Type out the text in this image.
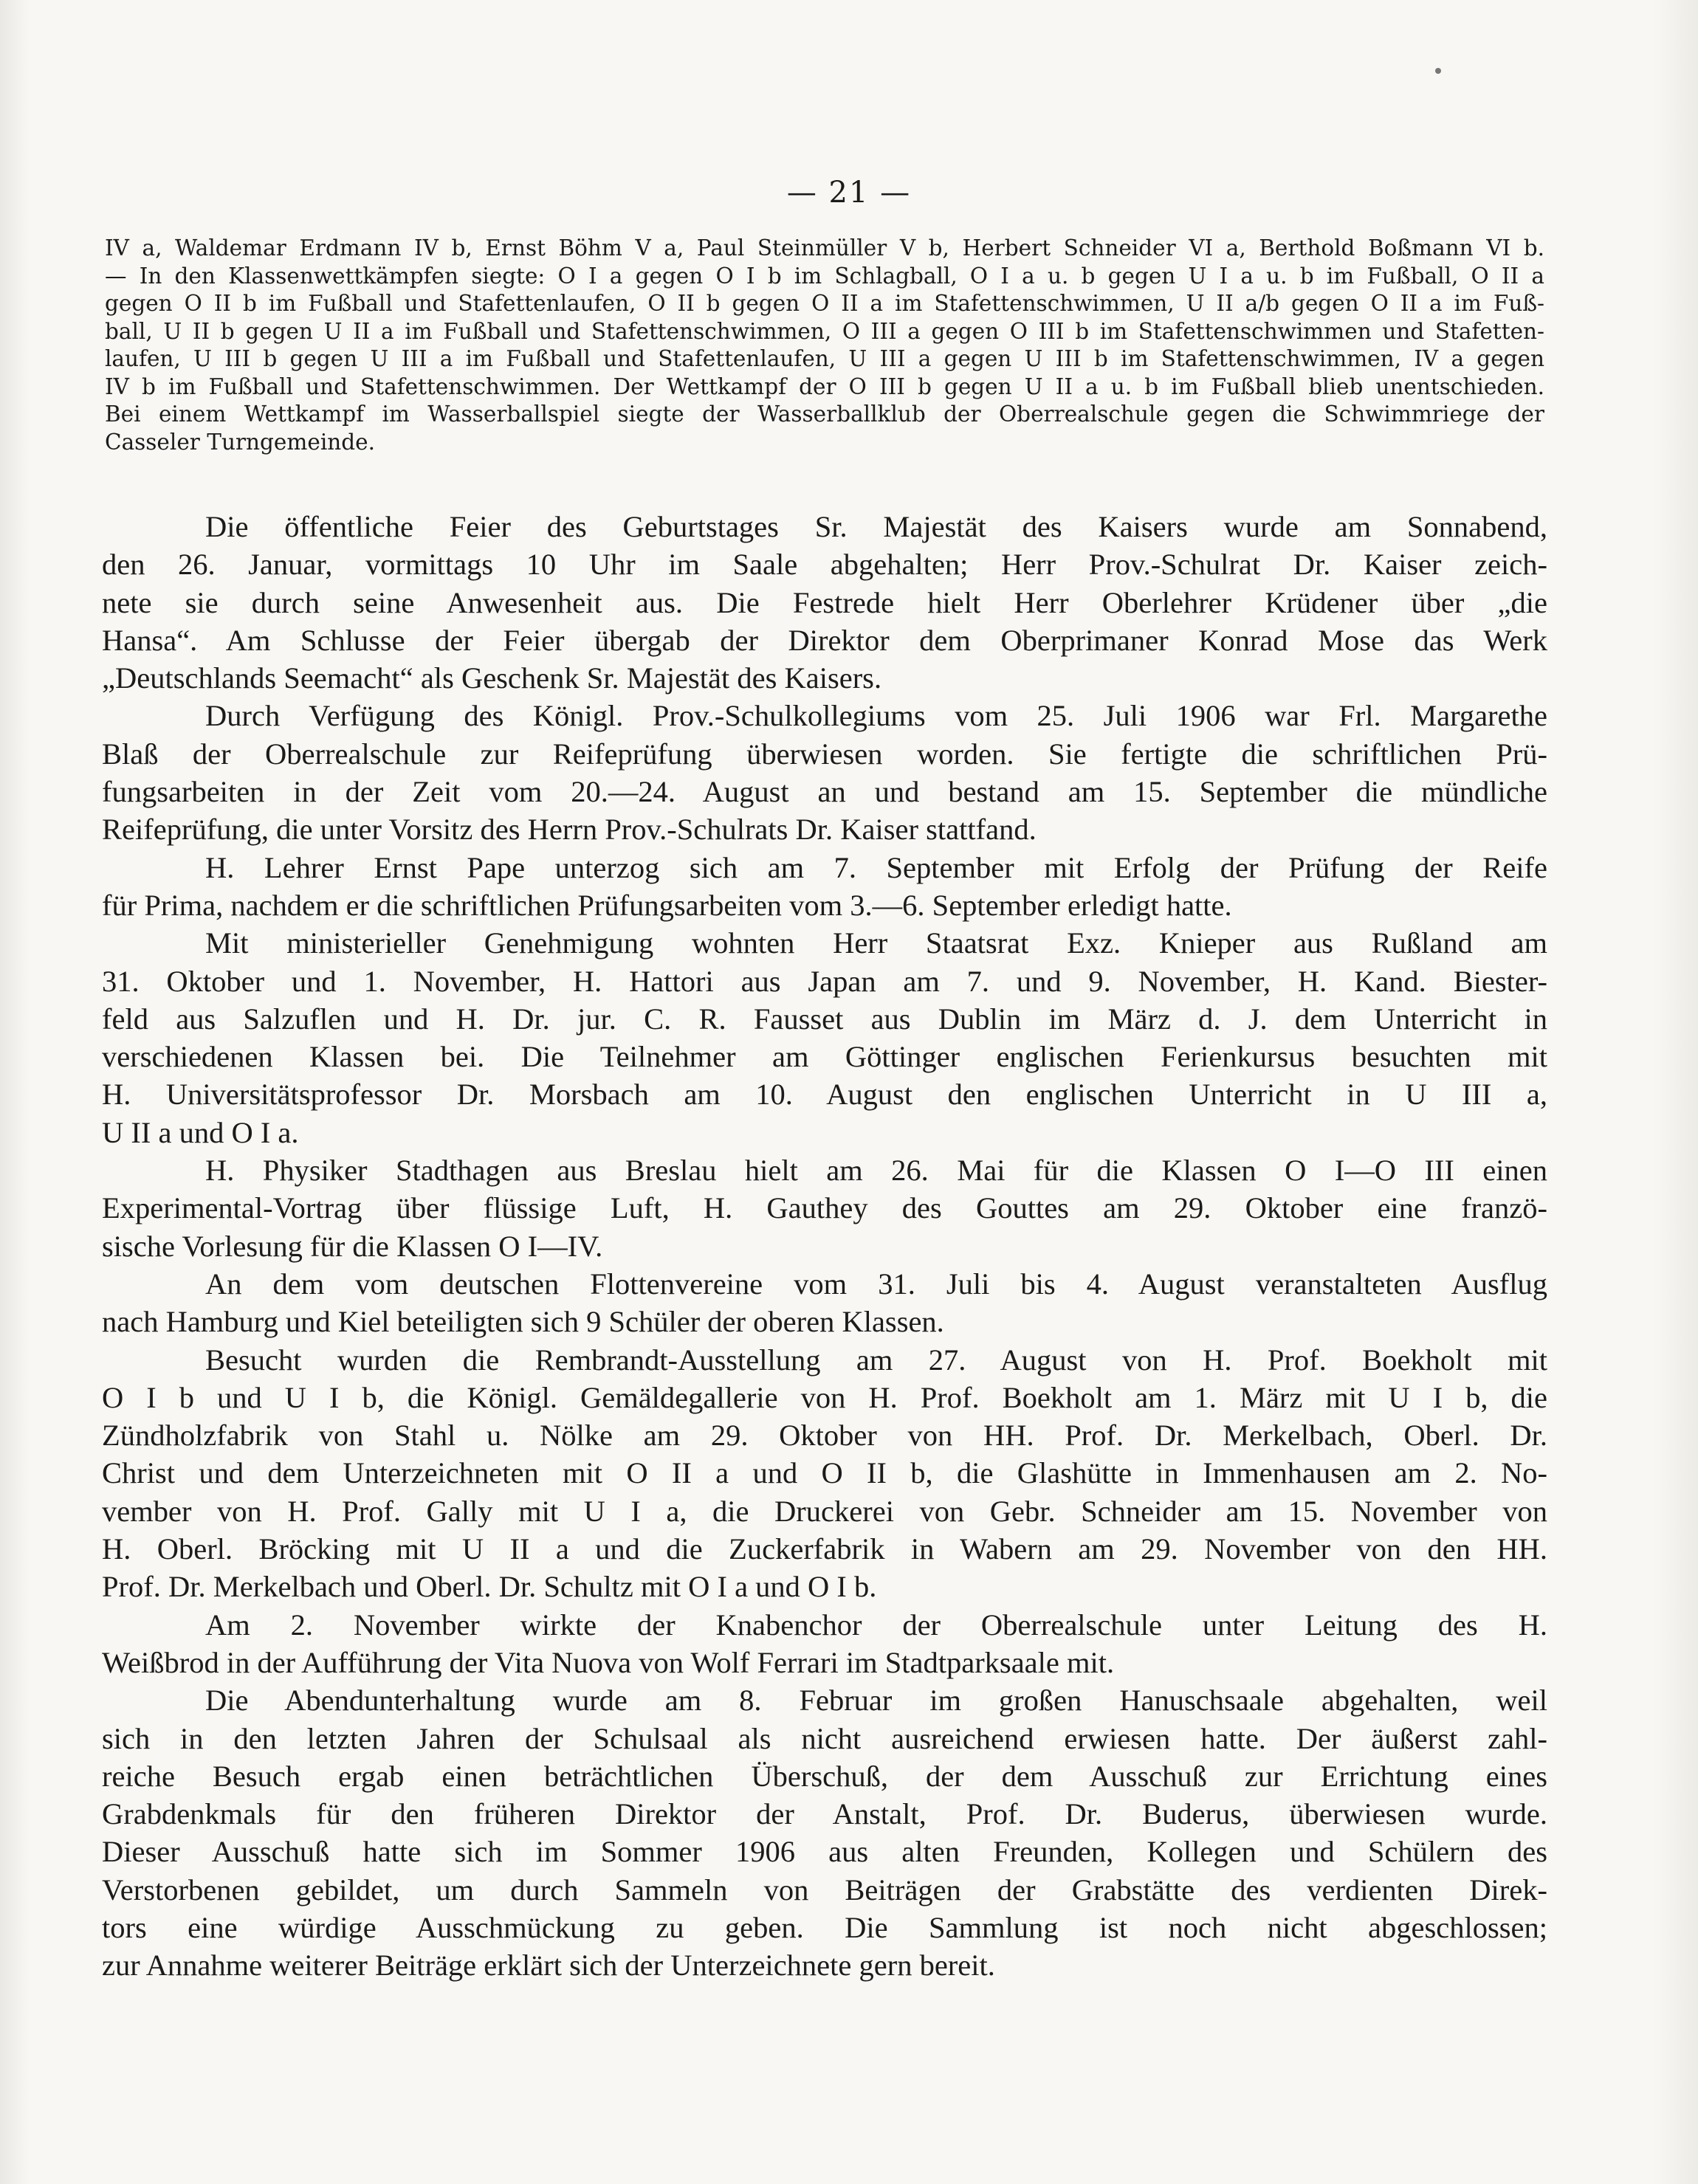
— 21 —
IV a, Waldemar Erdmann IV b, Ernst Böhm V a, Paul Steinmüller V b, Herbert Schneider VI a, Berthold Boßmann VI b.
— In den Klassenwettkämpfen siegte: O I a gegen O I b im Schlagball, O I a u. b gegen U I a u. b im Fußball, O II a
gegen O II b im Fußball und Stafettenlaufen, O II b gegen O II a im Stafettenschwimmen, U II a/b gegen O II a im Fuß-
ball, U II b gegen U II a im Fußball und Stafettenschwimmen, O III a gegen O III b im Stafettenschwimmen und Stafetten-
laufen, U III b gegen U III a im Fußball und Stafettenlaufen, U III a gegen U III b im Stafettenschwimmen, IV a gegen
IV b im Fußball und Stafettenschwimmen. Der Wettkampf der O III b gegen U II a u. b im Fußball blieb unentschieden.
Bei einem Wettkampf im Wasserballspiel siegte der Wasserballklub der Oberrealschule gegen die Schwimmriege der
Casseler Turngemeinde.
Die öffentliche Feier des Geburtstages Sr. Majestät des Kaisers wurde am Sonnabend,
den 26. Januar, vormittags 10 Uhr im Saale abgehalten; Herr Prov.-Schulrat Dr. Kaiser zeich-
nete sie durch seine Anwesenheit aus. Die Festrede hielt Herr Oberlehrer Krüdener über „die
Hansa“. Am Schlusse der Feier übergab der Direktor dem Oberprimaner Konrad Mose das Werk
„Deutschlands Seemacht“ als Geschenk Sr. Majestät des Kaisers.
Durch Verfügung des Königl. Prov.-Schulkollegiums vom 25. Juli 1906 war Frl. Margarethe
Blaß der Oberrealschule zur Reifeprüfung überwiesen worden. Sie fertigte die schriftlichen Prü-
fungsarbeiten in der Zeit vom 20.—24. August an und bestand am 15. September die mündliche
Reifeprüfung, die unter Vorsitz des Herrn Prov.-Schulrats Dr. Kaiser stattfand.
H. Lehrer Ernst Pape unterzog sich am 7. September mit Erfolg der Prüfung der Reife
für Prima, nachdem er die schriftlichen Prüfungsarbeiten vom 3.—6. September erledigt hatte.
Mit ministerieller Genehmigung wohnten Herr Staatsrat Exz. Knieper aus Rußland am
31. Oktober und 1. November, H. Hattori aus Japan am 7. und 9. November, H. Kand. Biester-
feld aus Salzuflen und H. Dr. jur. C. R. Fausset aus Dublin im März d. J. dem Unterricht in
verschiedenen Klassen bei. Die Teilnehmer am Göttinger englischen Ferienkursus besuchten mit
H. Universitätsprofessor Dr. Morsbach am 10. August den englischen Unterricht in U III a,
U II a und O I a.
H. Physiker Stadthagen aus Breslau hielt am 26. Mai für die Klassen O I—O III einen
Experimental-Vortrag über flüssige Luft, H. Gauthey des Gouttes am 29. Oktober eine franzö-
sische Vorlesung für die Klassen O I—IV.
An dem vom deutschen Flottenvereine vom 31. Juli bis 4. August veranstalteten Ausflug
nach Hamburg und Kiel beteiligten sich 9 Schüler der oberen Klassen.
Besucht wurden die Rembrandt-Ausstellung am 27. August von H. Prof. Boekholt mit
O I b und U I b, die Königl. Gemäldegallerie von H. Prof. Boekholt am 1. März mit U I b, die
Zündholzfabrik von Stahl u. Nölke am 29. Oktober von HH. Prof. Dr. Merkelbach, Oberl. Dr.
Christ und dem Unterzeichneten mit O II a und O II b, die Glashütte in Immenhausen am 2. No-
vember von H. Prof. Gally mit U I a, die Druckerei von Gebr. Schneider am 15. November von
H. Oberl. Bröcking mit U II a und die Zuckerfabrik in Wabern am 29. November von den HH.
Prof. Dr. Merkelbach und Oberl. Dr. Schultz mit O I a und O I b.
Am 2. November wirkte der Knabenchor der Oberrealschule unter Leitung des H.
Weißbrod in der Aufführung der Vita Nuova von Wolf Ferrari im Stadtparksaale mit.
Die Abendunterhaltung wurde am 8. Februar im großen Hanuschsaale abgehalten, weil
sich in den letzten Jahren der Schulsaal als nicht ausreichend erwiesen hatte. Der äußerst zahl-
reiche Besuch ergab einen beträchtlichen Überschuß, der dem Ausschuß zur Errichtung eines
Grabdenkmals für den früheren Direktor der Anstalt, Prof. Dr. Buderus, überwiesen wurde.
Dieser Ausschuß hatte sich im Sommer 1906 aus alten Freunden, Kollegen und Schülern des
Verstorbenen gebildet, um durch Sammeln von Beiträgen der Grabstätte des verdienten Direk-
tors eine würdige Ausschmückung zu geben. Die Sammlung ist noch nicht abgeschlossen;
zur Annahme weiterer Beiträge erklärt sich der Unterzeichnete gern bereit.
